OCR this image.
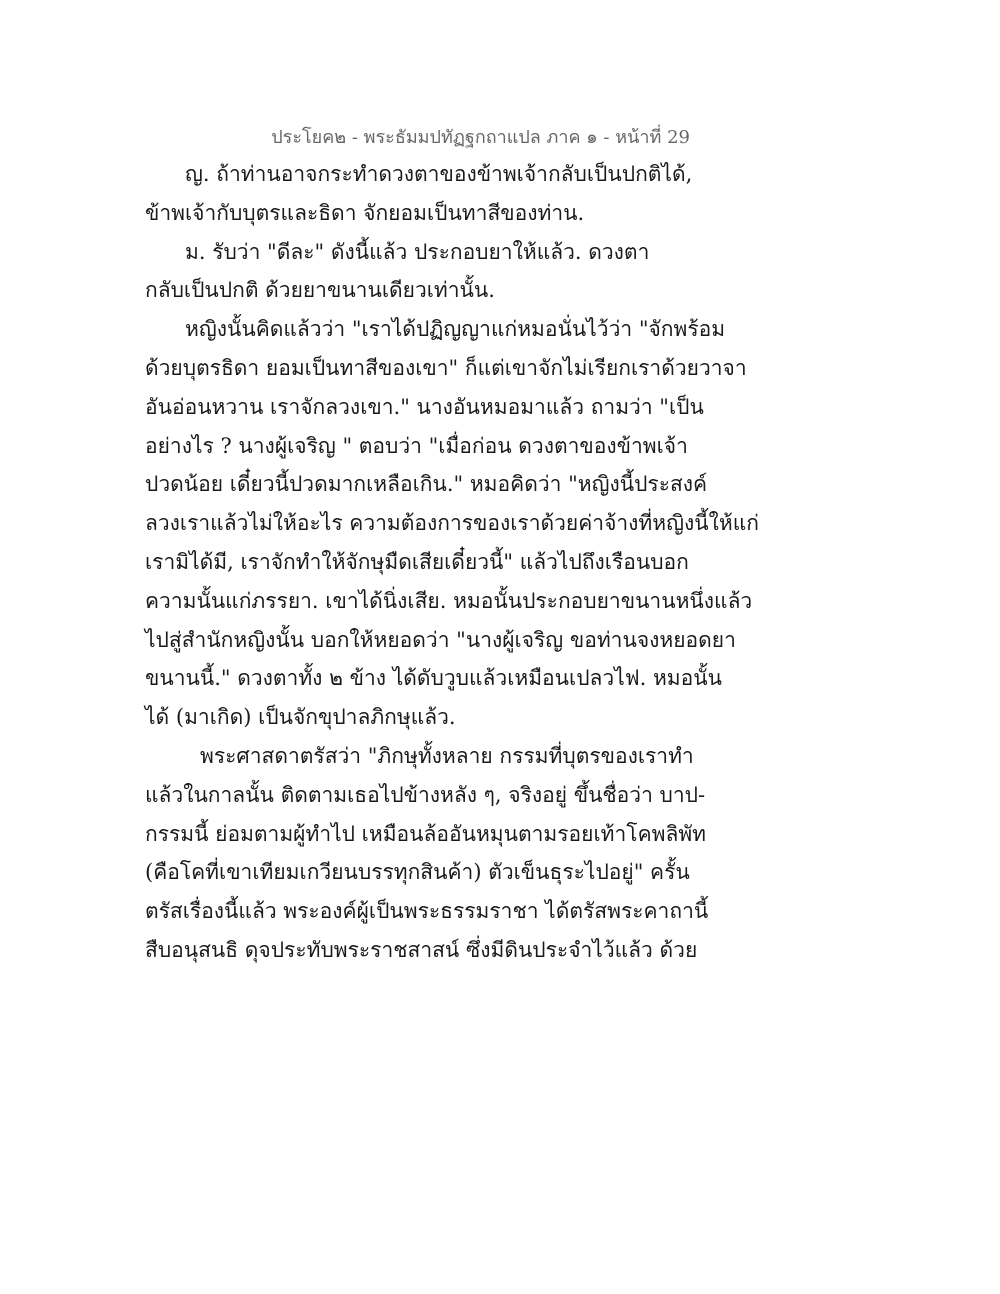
ประโยค๒ - พระธัมมปทัฏฐกถาแปล ภาค ๑ - หน้าที่ 29
ญ. ถ้าท่านอาจกระทำดวงตาของข้าพเจ้ากลับเป็นปกติได้,
ข้าพเจ้ากับบุตรและธิดา จักยอมเป็นทาสีของท่าน.
ม. รับว่า "ดีละ" ดังนี้แล้ว ประกอบยาให้แล้ว. ดวงตา
กลับเป็นปกติ ด้วยยาขนานเดียวเท่านั้น.
หญิงนั้นคิดแล้วว่า "เราได้ปฏิญญาแก่หมอนั่นไว้ว่า "จักพร้อม
ด้วยบุตรธิดา ยอมเป็นทาสีของเขา" ก็แต่เขาจักไม่เรียกเราด้วยวาจา
อันอ่อนหวาน เราจักลวงเขา." นางอันหมอมาแล้ว ถามว่า "เป็น
อย่างไร ? นางผู้เจริญ " ตอบว่า "เมื่อก่อน ดวงตาของข้าพเจ้า
ปวดน้อย เดี๋ยวนี้ปวดมากเหลือเกิน." หมอคิดว่า "หญิงนี้ประสงค์
ลวงเราแล้วไม่ให้อะไร ความต้องการของเราด้วยค่าจ้างที่หญิงนี้ให้แก่
เรามิได้มี, เราจักทำให้จักษุมืดเสียเดี๋ยวนี้" แล้วไปถึงเรือนบอก
ความนั้นแก่ภรรยา. เขาได้นิ่งเสีย. หมอนั้นประกอบยาขนานหนึ่งแล้ว
ไปสู่สำนักหญิงนั้น บอกให้หยอดว่า "นางผู้เจริญ ขอท่านจงหยอดยา
ขนานนี้." ดวงตาทั้ง ๒ ข้าง ได้ดับวูบแล้วเหมือนเปลวไฟ. หมอนั้น
ได้ (มาเกิด) เป็นจักขุปาลภิกษุแล้ว.
พระศาสดาตรัสว่า "ภิกษุทั้งหลาย กรรมที่บุตรของเราทำ
แล้วในกาลนั้น ติดตามเธอไปข้างหลัง ๆ, จริงอยู่ ขึ้นชื่อว่า บาป-
กรรมนี้ ย่อมตามผู้ทำไป เหมือนล้ออันหมุนตามรอยเท้าโคพลิพัท
(คือโคที่เขาเทียมเกวียนบรรทุกสินค้า) ตัวเข็นธุระไปอยู่" ครั้น
ตรัสเรื่องนี้แล้ว พระองค์ผู้เป็นพระธรรมราชา ได้ตรัสพระคาถานี้
สืบอนุสนธิ ดุจประทับพระราชสาสน์ ซึ่งมีดินประจำไว้แล้ว ด้วย
